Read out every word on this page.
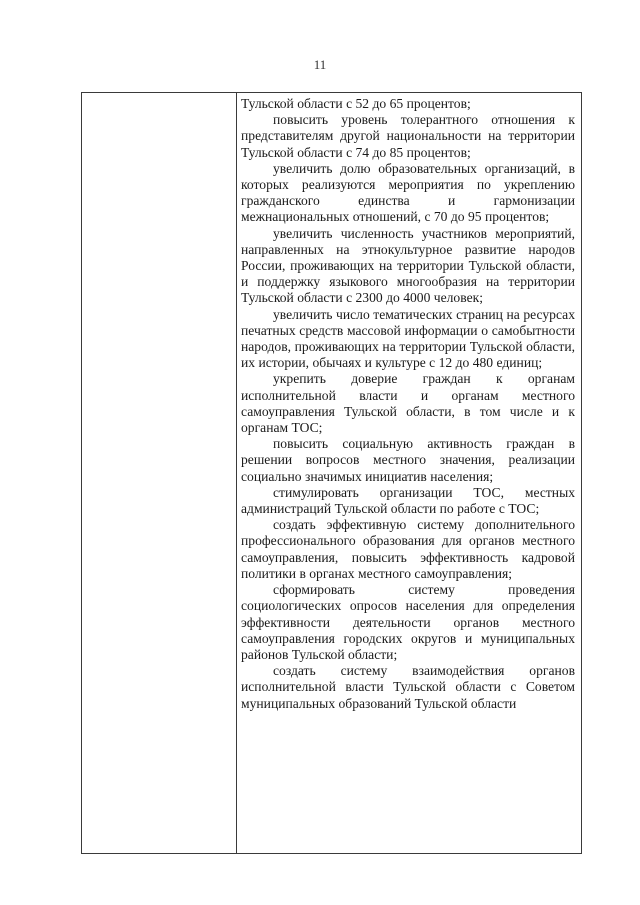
11

Тульской области с 52 до 65 процентов;

повысить уровень толерантного отношения к представителям другой национальности на территории Тульской области с 74 до 85 процентов;

увеличить долю образовательных организаций, в которых реализуются мероприятия по укреплению гражданского единства и гармонизации межнациональных отношений, с 70 до 95 процентов;

увеличить численность участников мероприятий, направленных на этнокультурное развитие народов России, проживающих на территории Тульской области, и поддержку языкового многообразия на территории Тульской области с 2300 до 4000 человек;

увеличить число тематических страниц на ресурсах печатных средств массовой информации о самобытности народов, проживающих на территории Тульской области, их истории, обычаях и культуре с 12 до 480 единиц;

укрепить доверие граждан к органам исполнительной власти и органам местного самоуправления Тульской области, в том числе и к органам ТОС;

повысить социальную активность граждан в решении вопросов местного значения, реализации социально значимых инициатив населения;

стимулировать организации ТОС, местных администраций Тульской области по работе с ТОС;

создать эффективную систему дополнительного профессионального образования для органов местного самоуправления, повысить эффективность кадровой политики в органах местного самоуправления;

сформировать систему проведения социологических опросов населения для определения эффективности деятельности органов местного самоуправления городских округов и муниципальных районов Тульской области;

создать систему взаимодействия органов исполнительной власти Тульской области с Советом муниципальных образований Тульской области
